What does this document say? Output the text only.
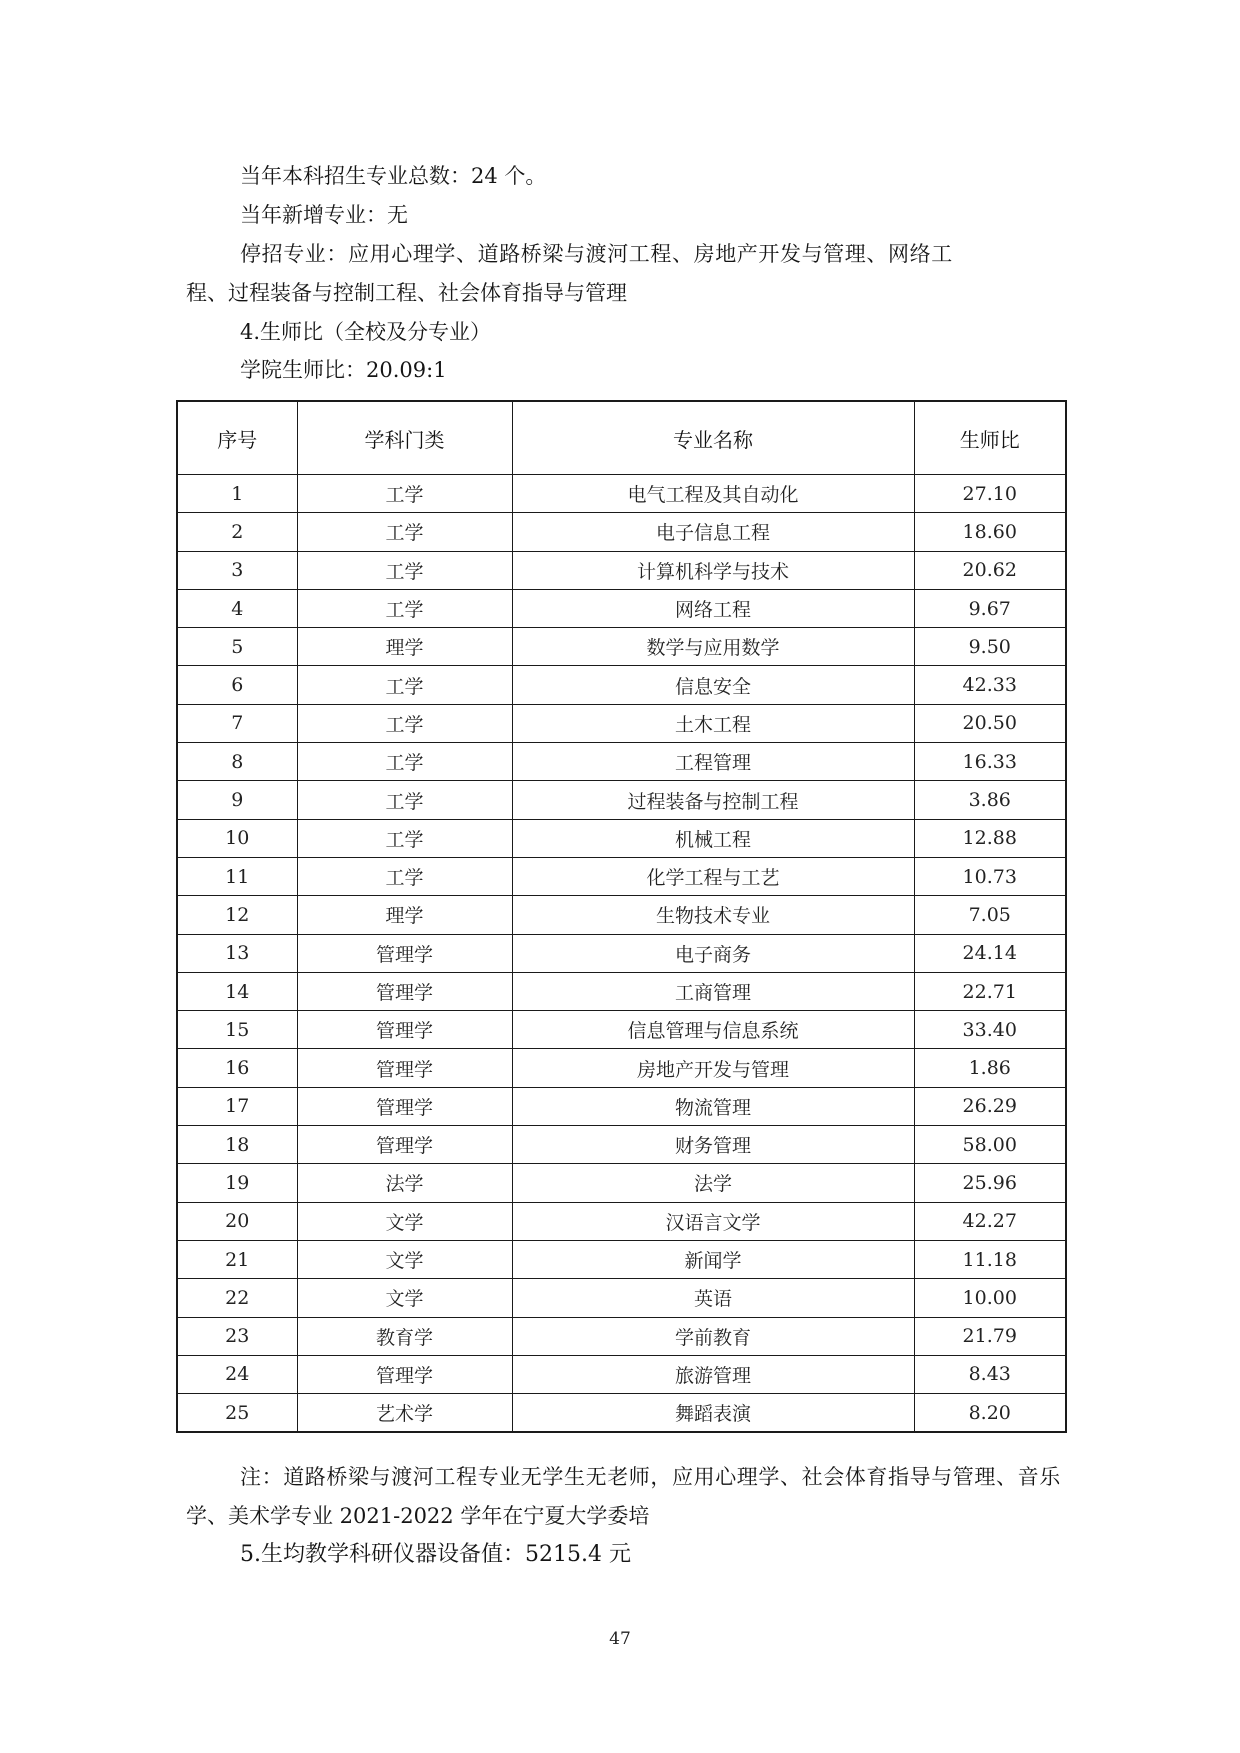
当年本科招生专业总数：24 个。
当年新增专业：无
停招专业：应用心理学、道路桥梁与渡河工程、房地产开发与管理、网络工
程、过程装备与控制工程、社会体育指导与管理
4.生师比（全校及分专业）
学院生师比：20.09:1
序号	学科门类	专业名称	生师比
1	工学	电气工程及其自动化	27.10
2	工学	电子信息工程	18.60
3	工学	计算机科学与技术	20.62
4	工学	网络工程	9.67
5	理学	数学与应用数学	9.50
6	工学	信息安全	42.33
7	工学	土木工程	20.50
8	工学	工程管理	16.33
9	工学	过程装备与控制工程	3.86
10	工学	机械工程	12.88
11	工学	化学工程与工艺	10.73
12	理学	生物技术专业	7.05
13	管理学	电子商务	24.14
14	管理学	工商管理	22.71
15	管理学	信息管理与信息系统	33.40
16	管理学	房地产开发与管理	1.86
17	管理学	物流管理	26.29
18	管理学	财务管理	58.00
19	法学	法学	25.96
20	文学	汉语言文学	42.27
21	文学	新闻学	11.18
22	文学	英语	10.00
23	教育学	学前教育	21.79
24	管理学	旅游管理	8.43
25	艺术学	舞蹈表演	8.20
注：道路桥梁与渡河工程专业无学生无老师，应用心理学、社会体育指导与管理、音乐
学、美术学专业 2021-2022 学年在宁夏大学委培
5.生均教学科研仪器设备值：5215.4 元
47
